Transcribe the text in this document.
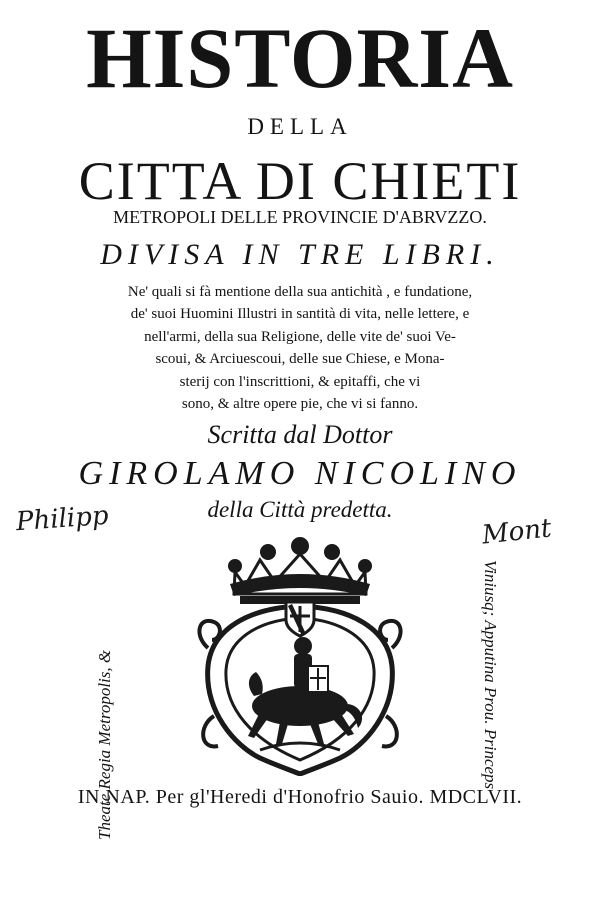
HISTORIA
DELLA
CITTA DI CHIETI
METROPOLI DELLE PROVINCIE D'ABRVZZO.
DIVISA IN TRE LIBRI.
Ne' quali si fà mentione della sua antichità , e fundatione,
de' suoi Huomini Illustri in santità di vita, nelle lettere, e
nell'armi, della sua Religione, delle vite de' suoi Ve-
scoui, & Arciuescoui, delle sue Chiese, e Mona-
sterij con l'inscrittioni, & epitaffi, che vi
sono, & altre opere pie, che vi si fanno.
Scritta dal Dottor
GIROLAMO NICOLINO
della Città predetta.
Philipp	Mont
Theate Regia Metropolis, &	Viniusq; Apputina Prou. Princeps
IN NAP. Per gl'Heredi d'Honofrio Sauio. MDCLVII.
